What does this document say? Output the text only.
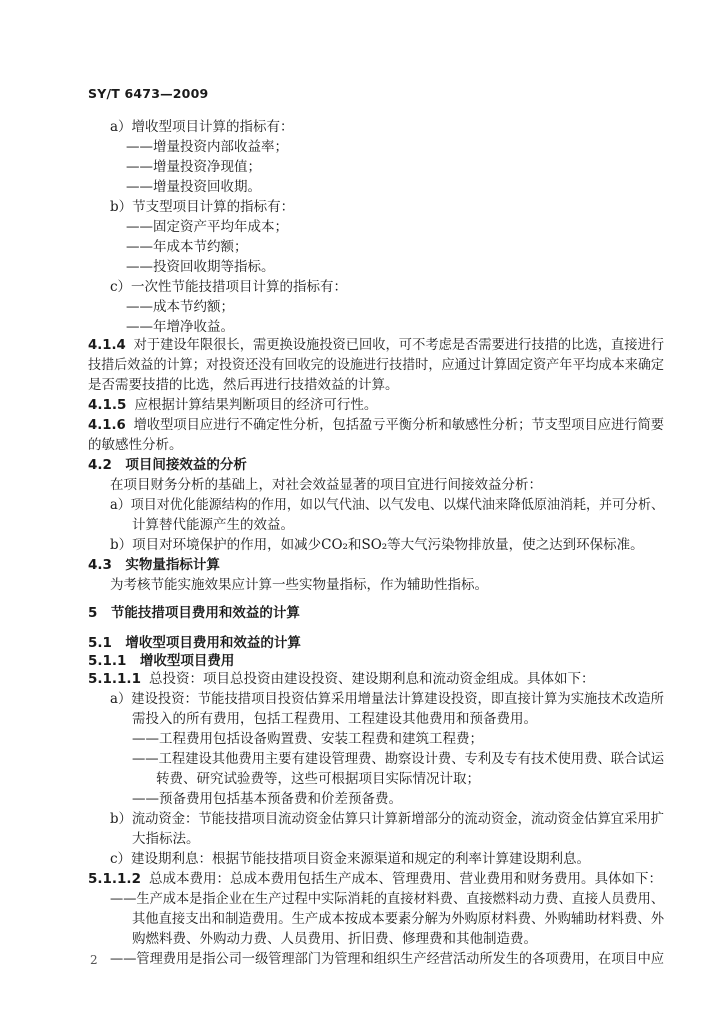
SY/T 6473—2009
a）增收型项目计算的指标有：
——增量投资内部收益率；
——增量投资净现值；
——增量投资回收期。
b）节支型项目计算的指标有：
——固定资产平均年成本；
——年成本节约额；
——投资回收期等指标。
c）一次性节能技措项目计算的指标有：
——成本节约额；
——年增净收益。
4.1.4 对于建设年限很长，需更换设施投资已回收，可不考虑是否需要进行技措的比选，直接进行
技措后效益的计算；对投资还没有回收完的设施进行技措时，应通过计算固定资产年平均成本来确定
是否需要技措的比选，然后再进行技措效益的计算。
4.1.5 应根据计算结果判断项目的经济可行性。
4.1.6 增收型项目应进行不确定性分析，包括盈亏平衡分析和敏感性分析；节支型项目应进行简要
的敏感性分析。
4.2　项目间接效益的分析
在项目财务分析的基础上，对社会效益显著的项目宜进行间接效益分析：
a）项目对优化能源结构的作用，如以气代油、以气发电、以煤代油来降低原油消耗，并可分析、
计算替代能源产生的效益。
b）项目对环境保护的作用，如减少CO₂和SO₂等大气污染物排放量，使之达到环保标准。
4.3　实物量指标计算
为考核节能实施效果应计算一些实物量指标，作为辅助性指标。
5　节能技措项目费用和效益的计算
5.1　增收型项目费用和效益的计算
5.1.1　增收型项目费用
5.1.1.1 总投资：项目总投资由建设投资、建设期利息和流动资金组成。具体如下：
a）建设投资：节能技措项目投资估算采用增量法计算建设投资，即直接计算为实施技术改造所
需投入的所有费用，包括工程费用、工程建设其他费用和预备费用。
——工程费用包括设备购置费、安装工程费和建筑工程费；
——工程建设其他费用主要有建设管理费、勘察设计费、专利及专有技术使用费、联合试运
转费、研究试验费等，这些可根据项目实际情况计取；
——预备费用包括基本预备费和价差预备费。
b）流动资金：节能技措项目流动资金估算只计算新增部分的流动资金，流动资金估算宜采用扩
大指标法。
c）建设期利息：根据节能技措项目资金来源渠道和规定的利率计算建设期利息。
5.1.1.2 总成本费用：总成本费用包括生产成本、管理费用、营业费用和财务费用。具体如下：
——生产成本是指企业在生产过程中实际消耗的直接材料费、直接燃料动力费、直接人员费用、
其他直接支出和制造费用。生产成本按成本要素分解为外购原材料费、外购辅助材料费、外
购燃料费、外购动力费、人员费用、折旧费、修理费和其他制造费。
——管理费用是指公司一级管理部门为管理和组织生产经营活动所发生的各项费用，在项目中应
2
